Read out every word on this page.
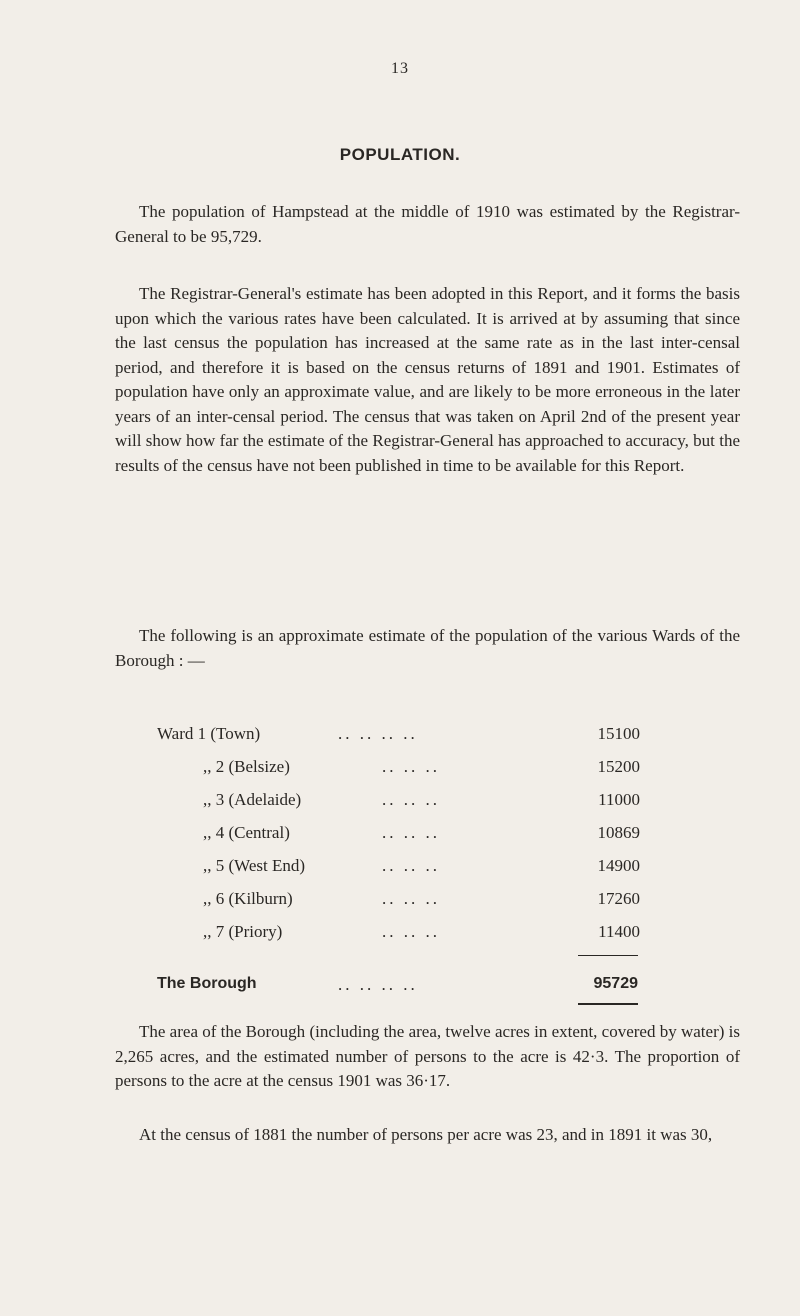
13
POPULATION.

The population of Hampstead at the middle of 1910 was estimated by the Registrar-General to be 95,729.

The Registrar-General's estimate has been adopted in this Report, and it forms the basis upon which the various rates have been calculated. It is arrived at by assuming that since the last census the population has increased at the same rate as in the last inter-censal period, and therefore it is based on the census returns of 1891 and 1901. Estimates of population have only an approximate value, and are likely to be more erroneous in the later years of an inter-censal period. The census that was taken on April 2nd of the present year will show how far the estimate of the Registrar-General has approached to accuracy, but the results of the census have not been published in time to be available for this Report.

The following is an approximate estimate of the population of the various Wards of the Borough : —

Ward 1 (Town)	.. .. .. ..	15100
,, 2 (Belsize)	.. .. ..	15200
,, 3 (Adelaide)	.. .. ..	11000
,, 4 (Central)	.. .. ..	10869
,, 5 (West End)	.. .. ..	14900
,, 6 (Kilburn)	.. .. ..	17260
,, 7 (Priory)	.. .. ..	11400
The Borough	.. .. .. ..	95729

The area of the Borough (including the area, twelve acres in extent, covered by water) is 2,265 acres, and the estimated number of persons to the acre is 42·3. The proportion of persons to the acre at the census 1901 was 36·17.

At the census of 1881 the number of persons per acre was 23, and in 1891 it was 30,
